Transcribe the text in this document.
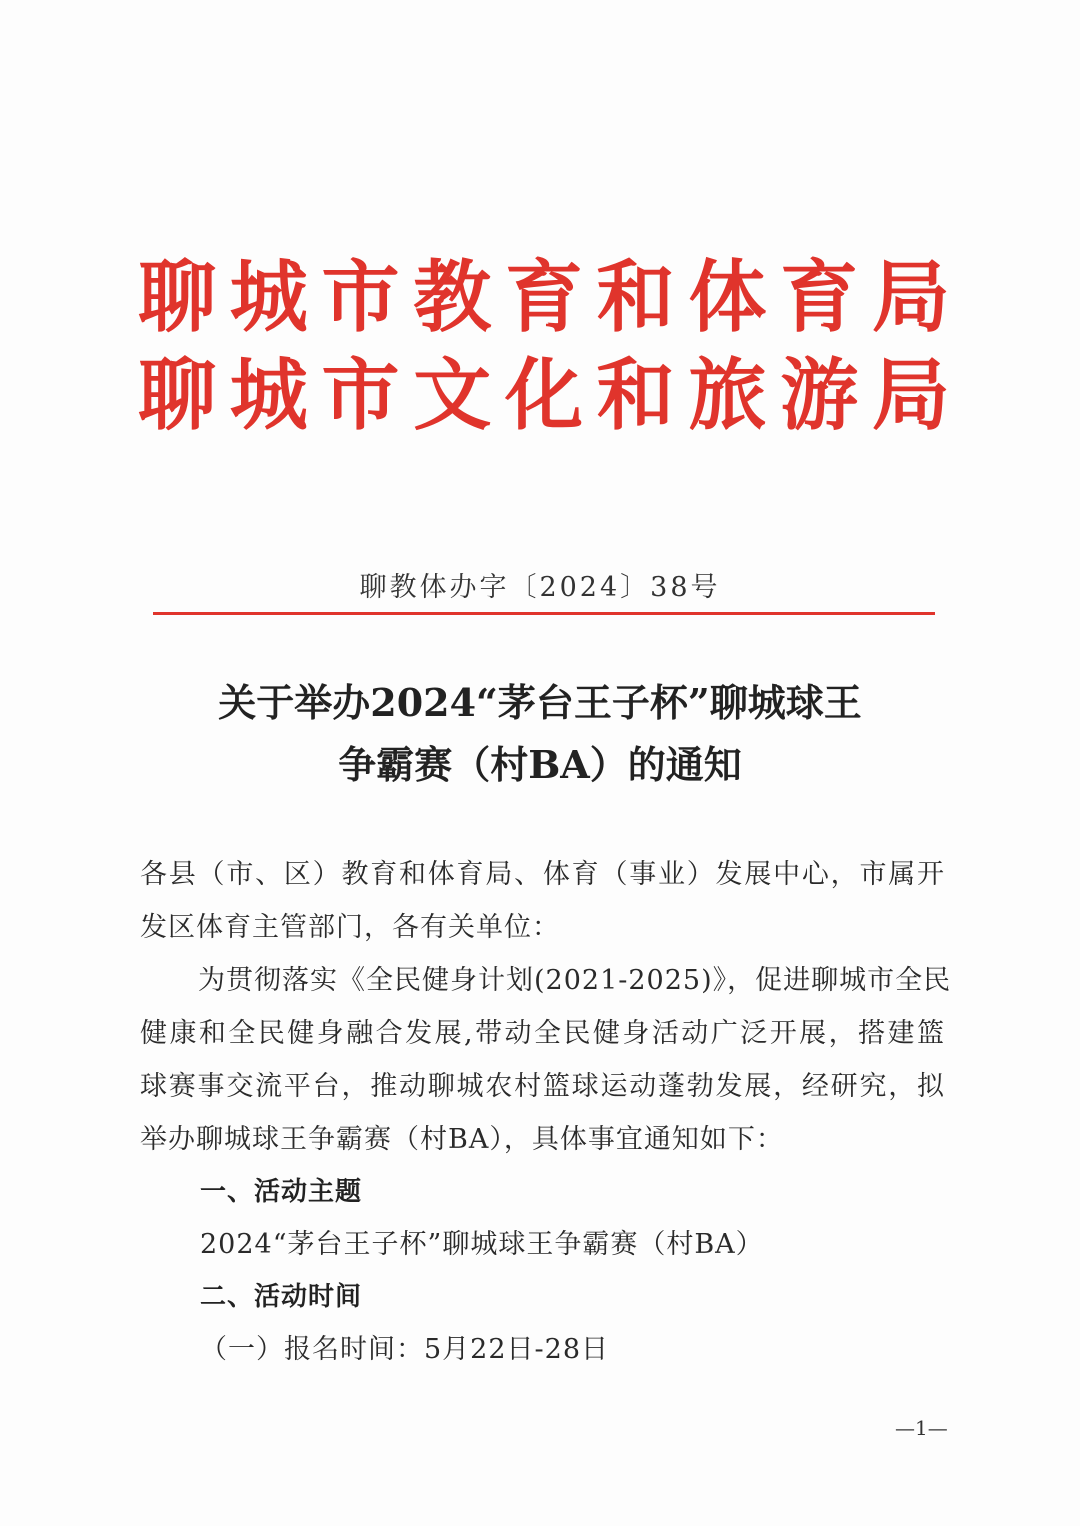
聊 城 市 教 育 和 体 育 局
聊 城 市 文 化 和 旅 游 局
聊教体办字〔2024〕38号
关于举办2024“茅台王子杯”聊城球王
争霸赛（村BA）的通知
各县（市、区）教育和体育局、体育（事业）发展中心，市属开
发区体育主管部门，各有关单位：
为贯彻落实《全民健身计划(2021-2025)》，促进聊城市全民
健康和全民健身融合发展,带动全民健身活动广泛开展，搭建篮
球赛事交流平台，推动聊城农村篮球运动蓬勃发展，经研究，拟
举办聊城球王争霸赛（村BA），具体事宜通知如下：
一、活动主题
2024“茅台王子杯”聊城球王争霸赛（村BA）
二、活动时间
（一）报名时间：5月22日-28日
—1—
